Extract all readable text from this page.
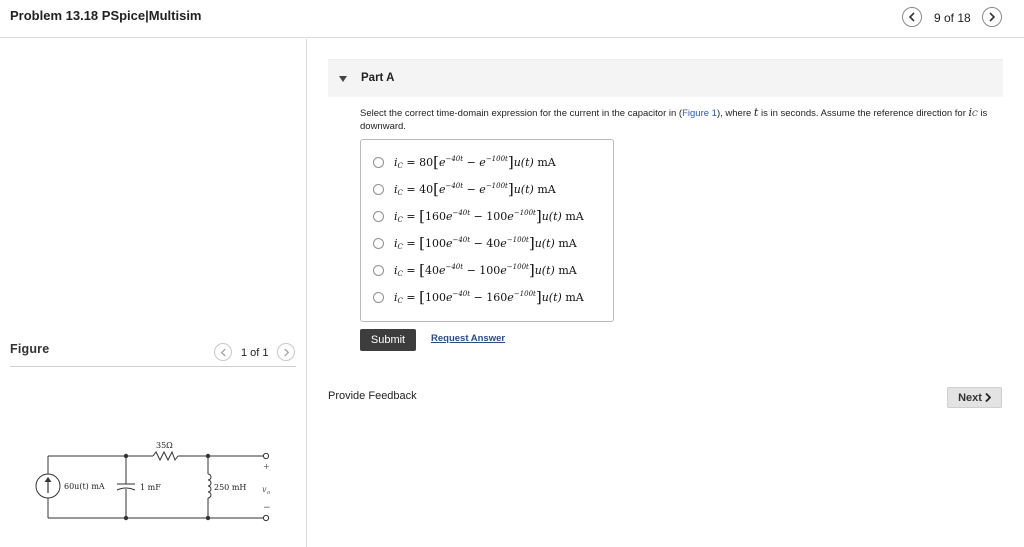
Problem 13.18 PSpice|Multisim	9 of 18
Figure	1 of 1
60u(t) mA	1 mF
35Ω
250 mH
+
v o
−
Part A
Select the correct time-domain expression for the current in the capacitor in (Figure 1), where t is in seconds. Assume the reference direction for iC is downward.
$i_C = 80[e^{-40t} - e^{-100t}]u(t)$ mA
$i_C = 40[e^{-40t} - e^{-100t}]u(t)$ mA
$i_C = [160e^{-40t} - 100e^{-100t}]u(t)$ mA
$i_C = [100e^{-40t} - 40e^{-100t}]u(t)$ mA
$i_C = [40e^{-40t} - 100e^{-100t}]u(t)$ mA
$i_C = [100e^{-40t} - 160e^{-100t}]u(t)$ mA
Submit	Request Answer
Provide Feedback	Next
